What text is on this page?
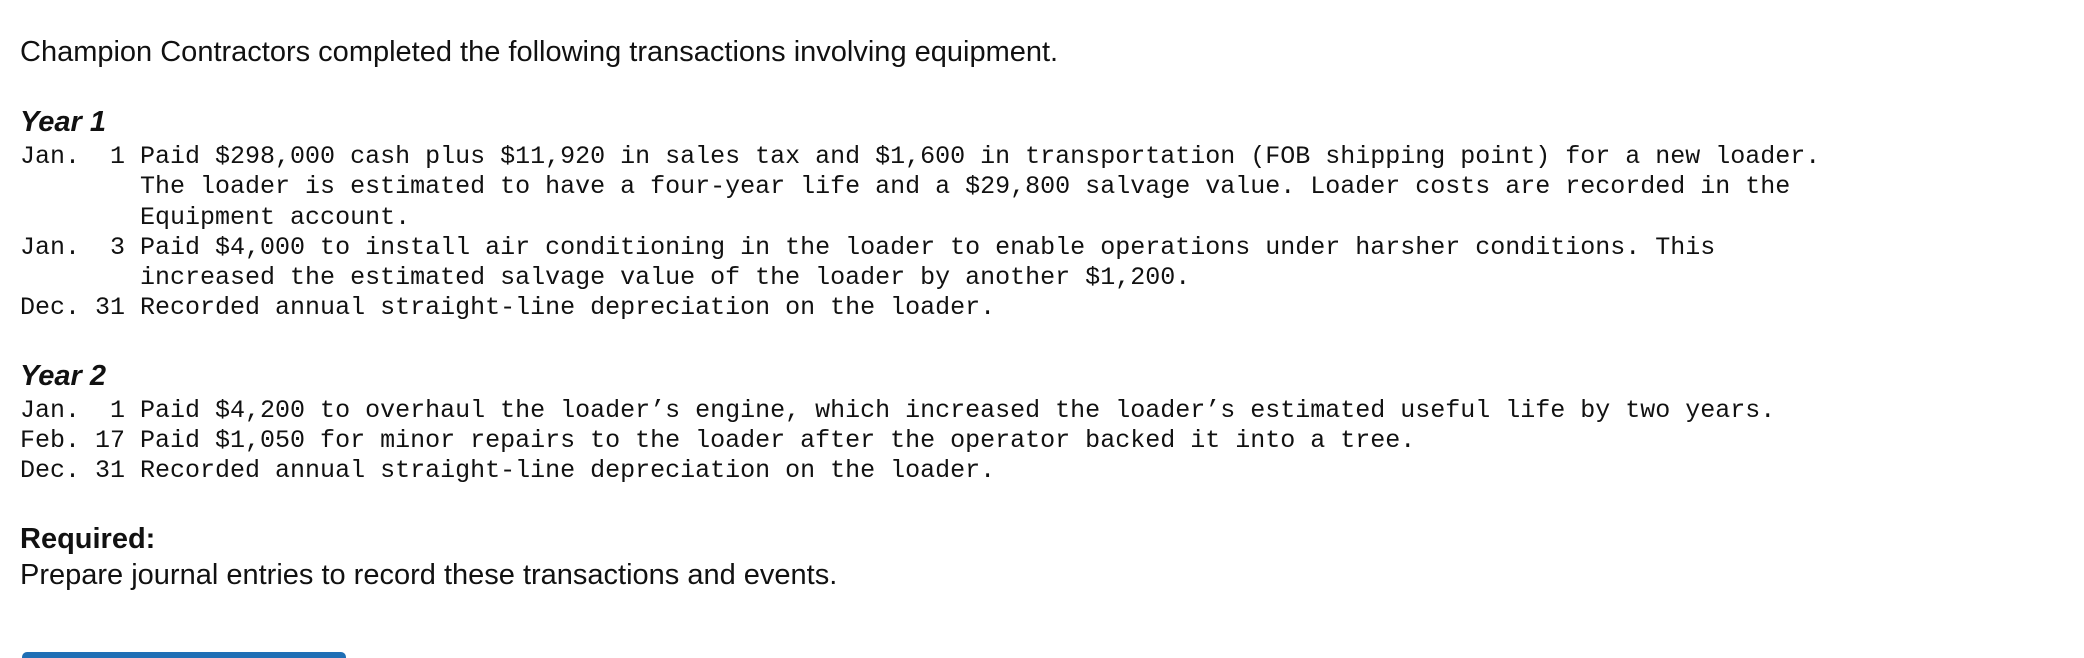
Champion Contractors completed the following transactions involving equipment.

Year 1

Jan.  1 Paid $298,000 cash plus $11,920 in sales tax and $1,600 in transportation (FOB shipping point) for a new loader.
The loader is estimated to have a four-year life and a $29,800 salvage value. Loader costs are recorded in the
Equipment account.
Jan.  3 Paid $4,000 to install air conditioning in the loader to enable operations under harsher conditions. This
increased the estimated salvage value of the loader by another $1,200.
Dec. 31 Recorded annual straight-line depreciation on the loader.

Year 2

Jan.  1 Paid $4,200 to overhaul the loader’s engine, which increased the loader’s estimated useful life by two years.
Feb. 17 Paid $1,050 for minor repairs to the loader after the operator backed it into a tree.
Dec. 31 Recorded annual straight-line depreciation on the loader.

Required:

Prepare journal entries to record these transactions and events.
